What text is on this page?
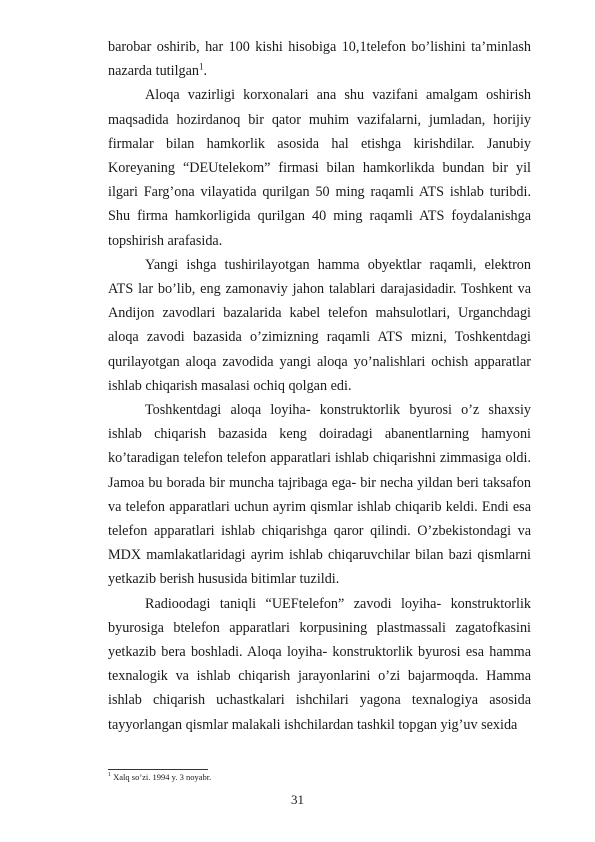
barobar oshirib, har 100 kishi hisobiga 10,1telefon bo’lishini ta’minlash nazarda tutilgan$^1$.

Aloqa vazirligi korxonalari ana shu vazifani amalgam oshirish maqsadida hozirdanoq bir qator muhim vazifalarni, jumladan, horijiy firmalar bilan hamkorlik asosida hal etishga kirishdilar. Janubiy Koreyaning “DEUtelekom” firmasi bilan hamkorlikda bundan bir yil ilgari Farg’ona vilayatida qurilgan 50 ming raqamli ATS ishlab turibdi. Shu firma hamkorligida qurilgan 40 ming raqamli ATS foydalanishga topshirish arafasida.

Yangi ishga tushirilayotgan hamma obyektlar raqamli, elektron ATS lar bo’lib, eng zamonaviy jahon talablari darajasidadir. Toshkent va Andijon zavodlari bazalarida kabel telefon mahsulotlari, Urganchdagi aloqa zavodi bazasida o’zimizning raqamli ATS mizni, Toshkentdagi qurilayotgan aloqa zavodida yangi aloqa yo’nalishlari ochish apparatlar ishlab chiqarish masalasi ochiq qolgan edi.

Toshkentdagi aloqa loyiha- konstruktorlik byurosi o’z shaxsiy ishlab chiqarish bazasida keng doiradagi abanentlarning hamyoni ko’taradigan telefon telefon apparatlari ishlab chiqarishni zimmasiga oldi. Jamoa bu borada bir muncha tajribaga ega- bir necha yildan beri taksafon va telefon apparatlari uchun ayrim qismlar ishlab chiqarib keldi. Endi esa telefon apparatlari ishlab chiqarishga qaror qilindi. O’zbekistondagi va MDX mamlakatlaridagi ayrim ishlab chiqaruvchilar bilan bazi qismlarni yetkazib berish hususida bitimlar tuzildi.

Radioodagi taniqli “UEFtelefon” zavodi loyiha- konstruktorlik byurosiga btelefon apparatlari korpusining plastmassali zagatofkasini yetkazib bera boshladi. Aloqa loyiha- konstruktorlik byurosi esa hamma texnalogik va ishlab chiqarish jarayonlarini o’zi bajarmoqda. Hamma ishlab chiqarish uchastkalari ishchilari yagona texnalogiya asosida tayyorlangan qismlar malakali ishchilardan tashkil topgan yig’uv sexida

$^1$ Xalq so’zi. 1994 y. 3 noyabr.
31
